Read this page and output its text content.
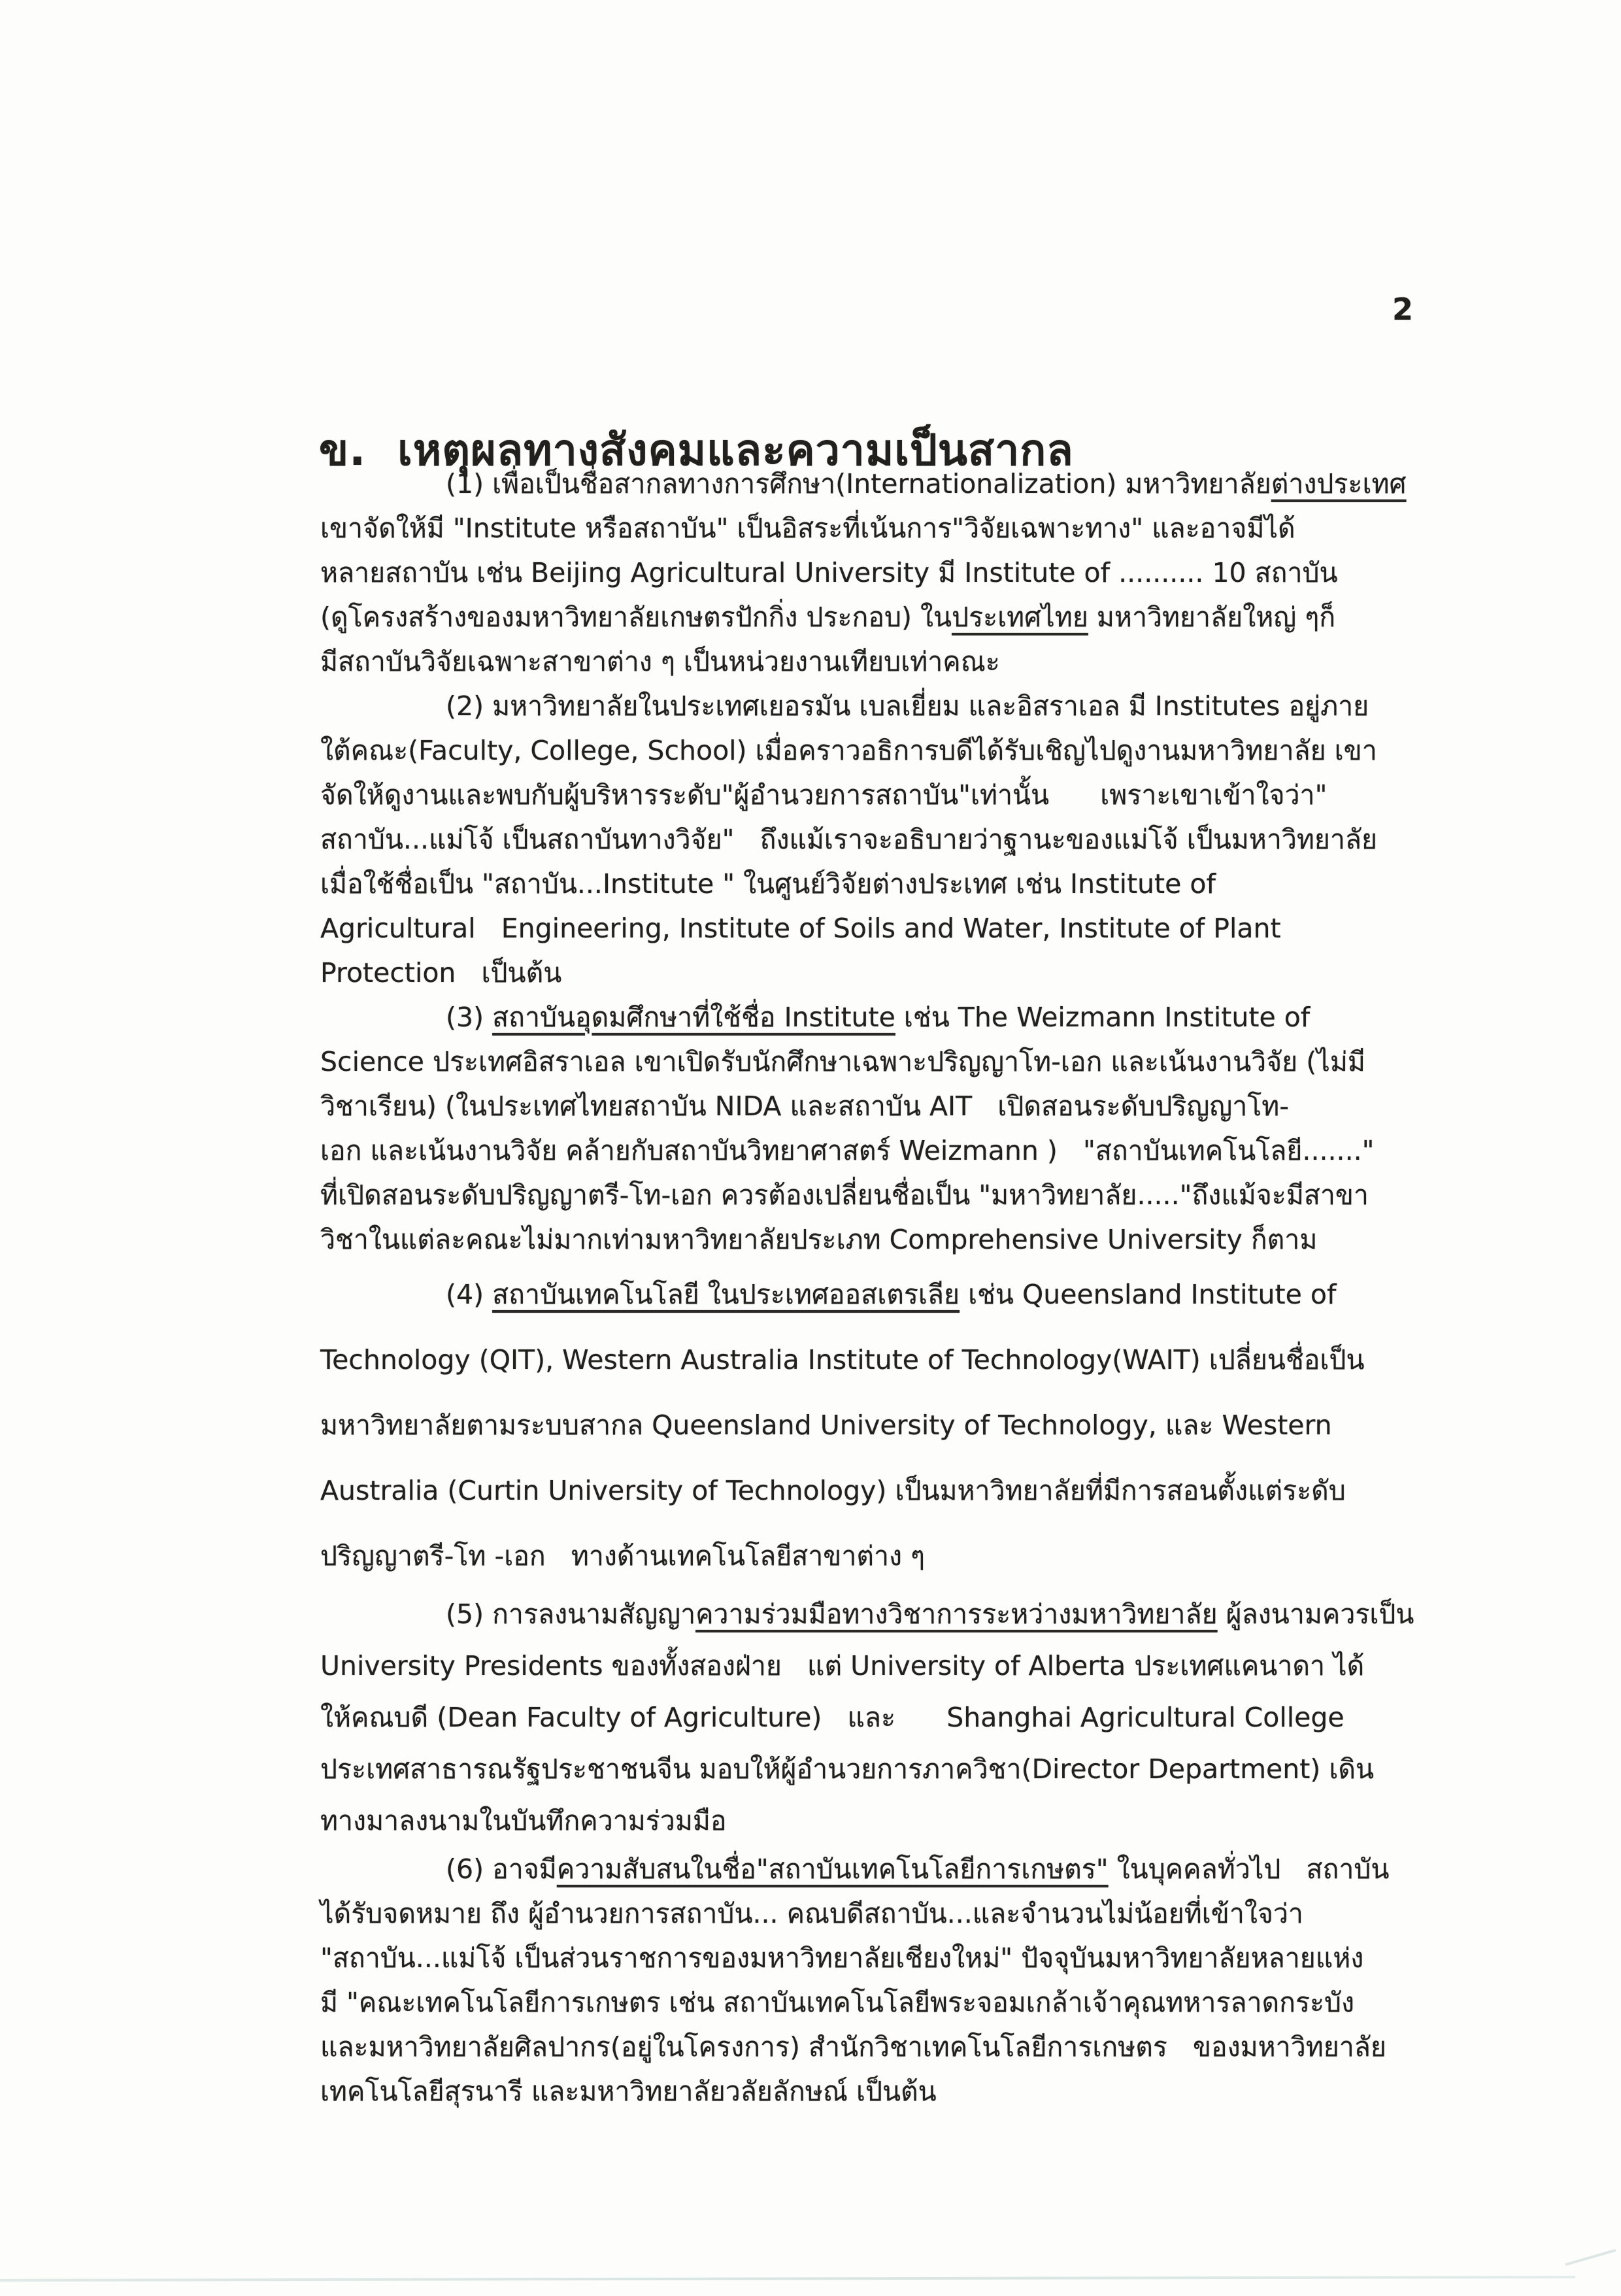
2
ข.  เหตุผลทางสังคมและความเป็นสากล

(1) เพื่อเป็นชื่อสากลทางการศึกษา(Internationalization) มหาวิทยาลัยต่างประเทศ
เขาจัดให้มี "Institute หรือสถาบัน" เป็นอิสระที่เน้นการ"วิจัยเฉพาะทาง" และอาจมีได้
หลายสถาบัน เช่น Beijing Agricultural University มี Institute of .......... 10 สถาบัน
(ดูโครงสร้างของมหาวิทยาลัยเกษตรปักกิ่ง ประกอบ) ในประเทศไทย มหาวิทยาลัยใหญ่ ๆก็
มีสถาบันวิจัยเฉพาะสาขาต่าง ๆ เป็นหน่วยงานเทียบเท่าคณะ

(2) มหาวิทยาลัยในประเทศเยอรมัน เบลเยี่ยม และอิสราเอล มี Institutes อยู่ภาย
ใต้คณะ(Faculty, College, School) เมื่อคราวอธิการบดีได้รับเชิญไปดูงานมหาวิทยาลัย เขา
จัดให้ดูงานและพบกับผู้บริหารระดับ"ผู้อำนวยการสถาบัน"เท่านั้น      เพราะเขาเข้าใจว่า"
สถาบัน...แม่โจ้ เป็นสถาบันทางวิจัย"   ถึงแม้เราจะอธิบายว่าฐานะของแม่โจ้ เป็นมหาวิทยาลัย
เมื่อใช้ชื่อเป็น "สถาบัน...Institute " ในศูนย์วิจัยต่างประเทศ เช่น Institute of
Agricultural   Engineering, Institute of Soils and Water, Institute of Plant
Protection   เป็นต้น

(3) สถาบันอุดมศึกษาที่ใช้ชื่อ Institute เช่น The Weizmann Institute of
Science ประเทศอิสราเอล เขาเปิดรับนักศึกษาเฉพาะปริญญาโท-เอก และเน้นงานวิจัย (ไม่มี
วิชาเรียน) (ในประเทศไทยสถาบัน NIDA และสถาบัน AIT   เปิดสอนระดับปริญญาโท-
เอก และเน้นงานวิจัย คล้ายกับสถาบันวิทยาศาสตร์ Weizmann )   "สถาบันเทคโนโลยี......."
ที่เปิดสอนระดับปริญญาตรี-โท-เอก ควรต้องเปลี่ยนชื่อเป็น "มหาวิทยาลัย....."ถึงแม้จะมีสาขา
วิชาในแต่ละคณะไม่มากเท่ามหาวิทยาลัยประเภท Comprehensive University ก็ตาม

(4) สถาบันเทคโนโลยี ในประเทศออสเตรเลีย เช่น Queensland Institute of
Technology (QIT), Western Australia Institute of Technology(WAIT) เปลี่ยนชื่อเป็น
มหาวิทยาลัยตามระบบสากล Queensland University of Technology, และ Western
Australia (Curtin University of Technology) เป็นมหาวิทยาลัยที่มีการสอนตั้งแต่ระดับ
ปริญญาตรี-โท -เอก   ทางด้านเทคโนโลยีสาขาต่าง ๆ

(5) การลงนามสัญญาความร่วมมือทางวิชาการระหว่างมหาวิทยาลัย ผู้ลงนามควรเป็น
University Presidents ของทั้งสองฝ่าย   แต่ University of Alberta ประเทศแคนาดา ได้
ให้คณบดี (Dean Faculty of Agriculture)   และ      Shanghai Agricultural College
ประเทศสาธารณรัฐประชาชนจีน มอบให้ผู้อำนวยการภาควิชา(Director Department) เดิน
ทางมาลงนามในบันทึกความร่วมมือ

(6) อาจมีความสับสนในชื่อ"สถาบันเทคโนโลยีการเกษตร" ในบุคคลทั่วไป   สถาบัน
ได้รับจดหมาย ถึง ผู้อำนวยการสถาบัน... คณบดีสถาบัน...และจำนวนไม่น้อยที่เข้าใจว่า
"สถาบัน...แม่โจ้ เป็นส่วนราชการของมหาวิทยาลัยเชียงใหม่" ปัจจุบันมหาวิทยาลัยหลายแห่ง
มี "คณะเทคโนโลยีการเกษตร เช่น สถาบันเทคโนโลยีพระจอมเกล้าเจ้าคุณทหารลาดกระบัง
และมหาวิทยาลัยศิลปากร(อยู่ในโครงการ) สำนักวิชาเทคโนโลยีการเกษตร   ของมหาวิทยาลัย
เทคโนโลยีสุรนารี และมหาวิทยาลัยวลัยลักษณ์ เป็นต้น
